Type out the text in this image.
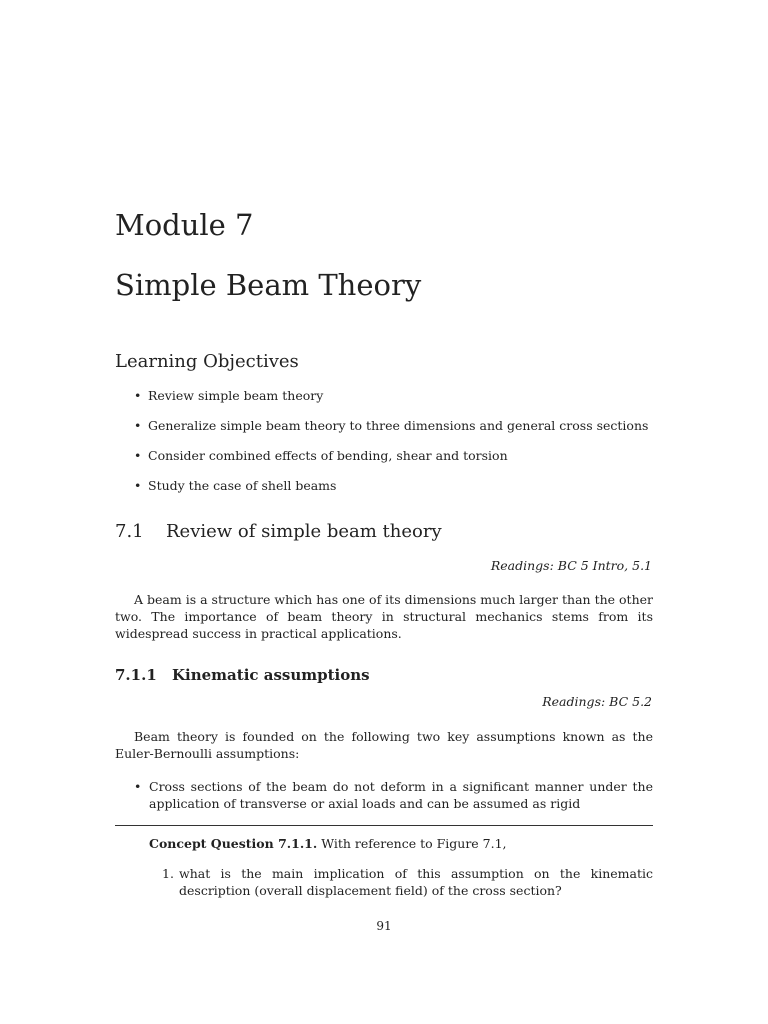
Module 7
Simple Beam Theory
Learning Objectives
• Review simple beam theory
• Generalize simple beam theory to three dimensions and general cross sections
• Consider combined effects of bending, shear and torsion
• Study the case of shell beams
7.1 Review of simple beam theory
Readings: BC 5 Intro, 5.1
A beam is a structure which has one of its dimensions much larger than the other two. The importance of beam theory in structural mechanics stems from its widespread success in practical applications.
7.1.1 Kinematic assumptions
Readings: BC 5.2
Beam theory is founded on the following two key assumptions known as the Euler-Bernoulli assumptions:
• Cross sections of the beam do not deform in a significant manner under the application of transverse or axial loads and can be assumed as rigid
Concept Question 7.1.1. With reference to Figure 7.1,
1. what is the main implication of this assumption on the kinematic description (overall displacement field) of the cross section?
91
